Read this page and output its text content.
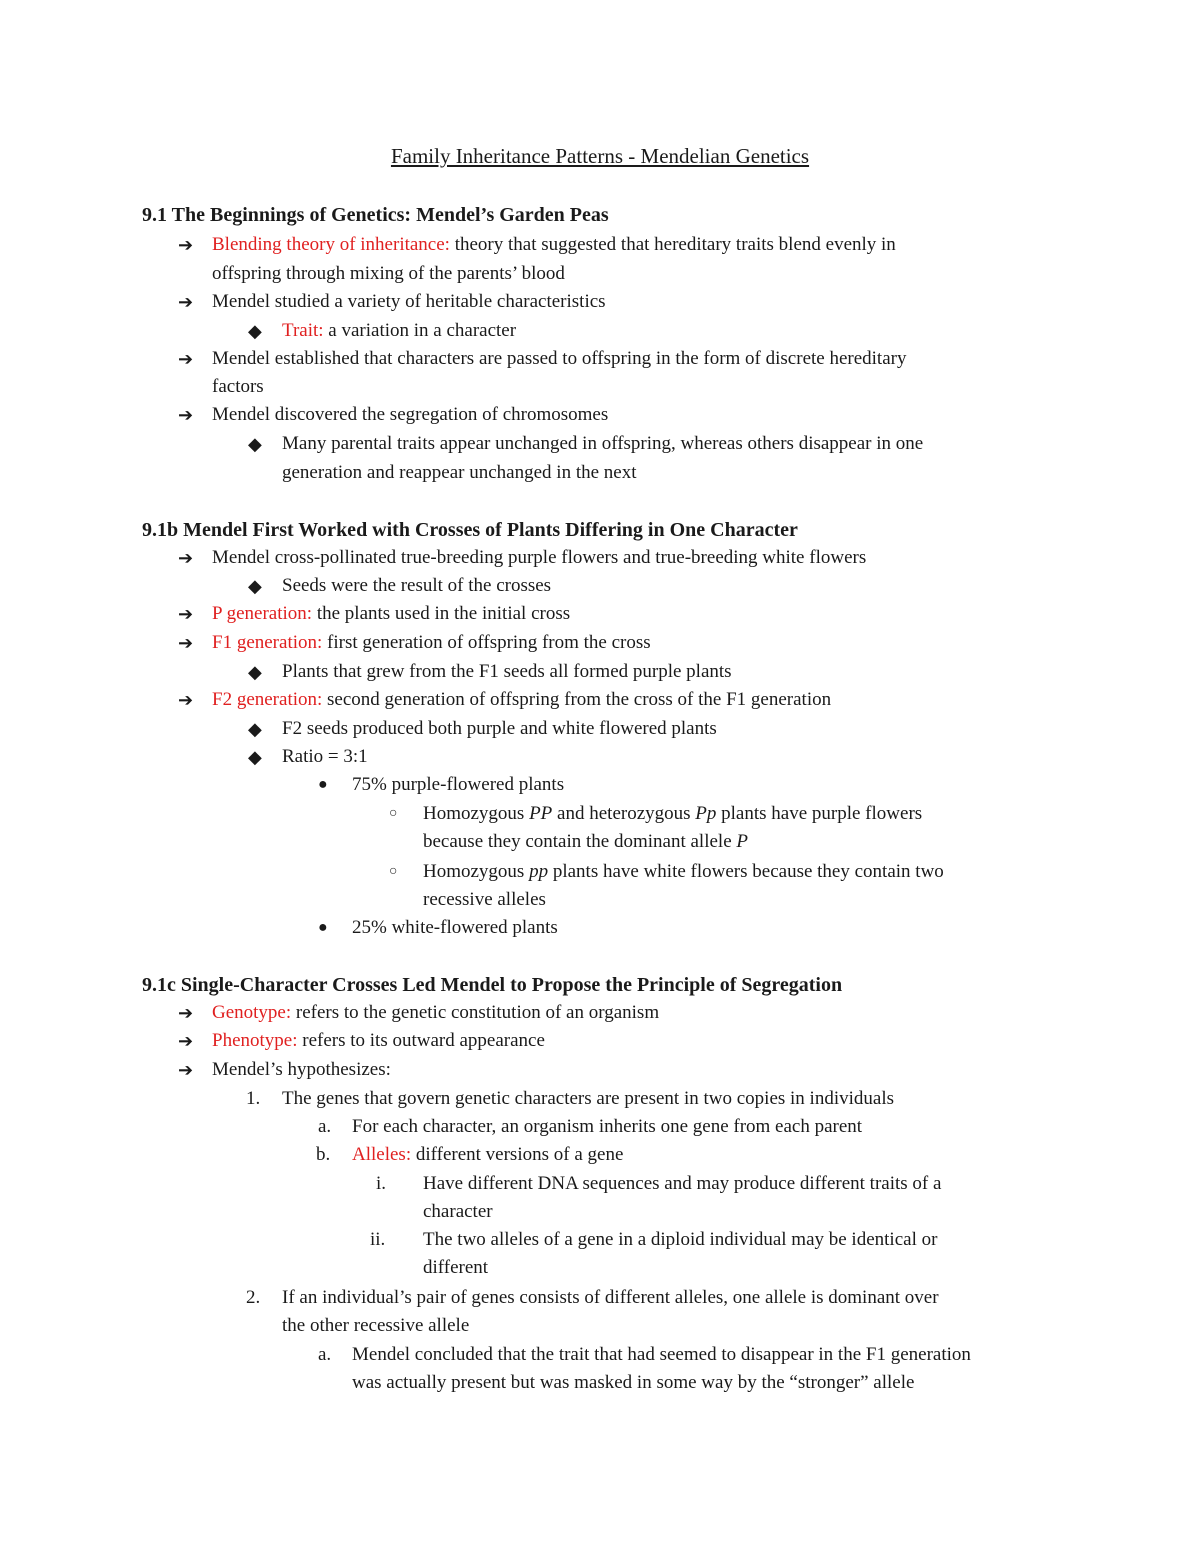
Family Inheritance Patterns - Mendelian Genetics
9.1 The Beginnings of Genetics: Mendel’s Garden Peas
➔ Blending theory of inheritance: theory that suggested that hereditary traits blend evenly in
offspring through mixing of the parents’ blood
➔ Mendel studied a variety of heritable characteristics
◆ Trait: a variation in a character
➔ Mendel established that characters are passed to offspring in the form of discrete hereditary
factors
➔ Mendel discovered the segregation of chromosomes
◆ Many parental traits appear unchanged in offspring, whereas others disappear in one
generation and reappear unchanged in the next
9.1b Mendel First Worked with Crosses of Plants Differing in One Character
➔ Mendel cross-pollinated true-breeding purple flowers and true-breeding white flowers
◆ Seeds were the result of the crosses
➔ P generation: the plants used in the initial cross
➔ F1 generation: first generation of offspring from the cross
◆ Plants that grew from the F1 seeds all formed purple plants
➔ F2 generation: second generation of offspring from the cross of the F1 generation
◆ F2 seeds produced both purple and white flowered plants
◆ Ratio = 3:1
● 75% purple-flowered plants
○ Homozygous PP and heterozygous Pp plants have purple flowers
because they contain the dominant allele P
○ Homozygous pp plants have white flowers because they contain two
recessive alleles
● 25% white-flowered plants
9.1c Single-Character Crosses Led Mendel to Propose the Principle of Segregation
➔ Genotype: refers to the genetic constitution of an organism
➔ Phenotype: refers to its outward appearance
➔ Mendel’s hypothesizes:
1. The genes that govern genetic characters are present in two copies in individuals
a. For each character, an organism inherits one gene from each parent
b. Alleles: different versions of a gene
i. Have different DNA sequences and may produce different traits of a
character
ii. The two alleles of a gene in a diploid individual may be identical or
different
2. If an individual’s pair of genes consists of different alleles, one allele is dominant over
the other recessive allele
a. Mendel concluded that the trait that had seemed to disappear in the F1 generation
was actually present but was masked in some way by the “stronger” allele
